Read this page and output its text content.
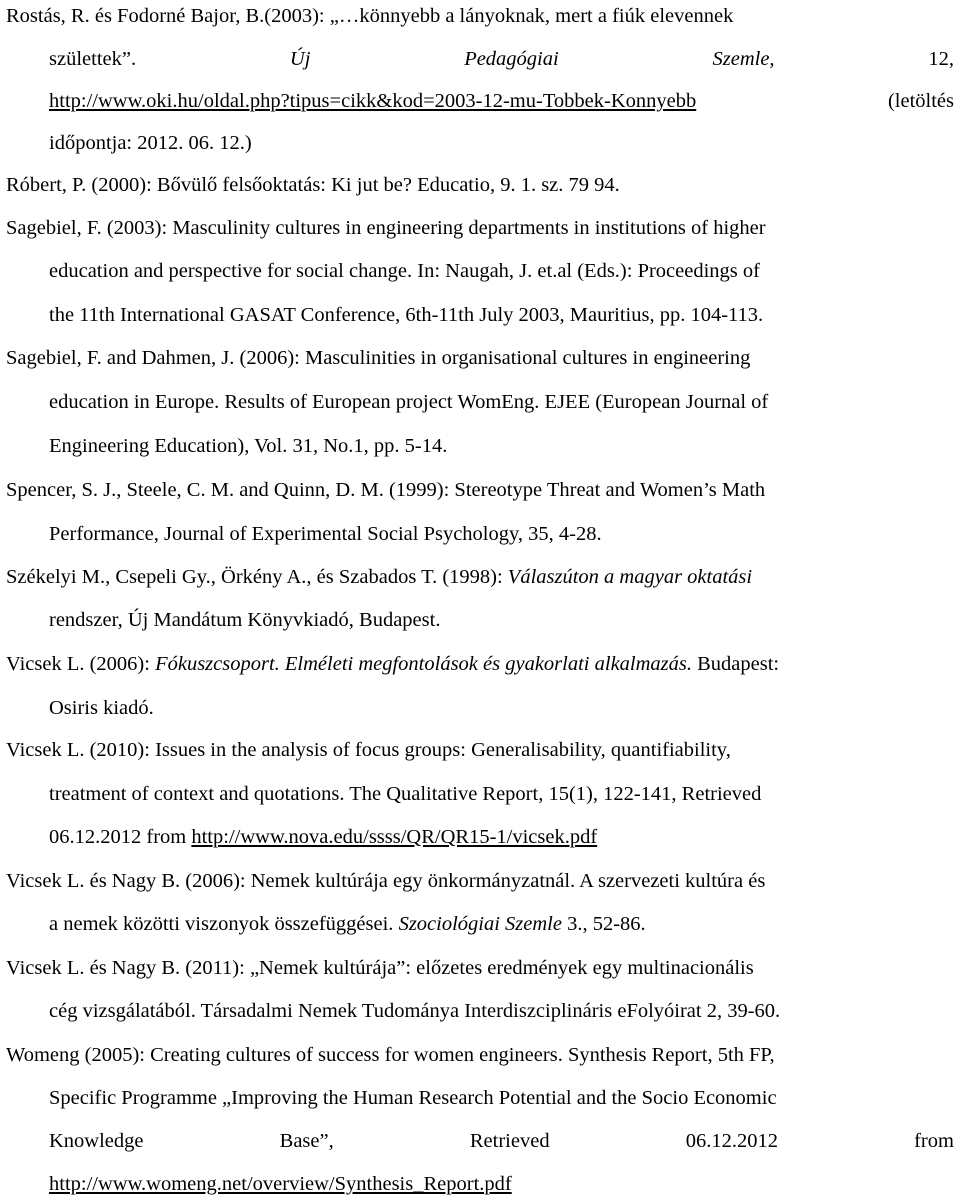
Rostás, R. és Fodorné Bajor, B.(2003): „…könnyebb a lányoknak, mert a fiúk elevennek
születtek”.	Új	Pedagógiai	Szemle,	12,
http://www.oki.hu/oldal.php?tipus=cikk&kod=2003-12-mu-Tobbek-Konnyebb	(letöltés
időpontja: 2012. 06. 12.)
Róbert, P. (2000): Bővülő felsőoktatás: Ki jut be? Educatio, 9. 1. sz. 79 94.
Sagebiel, F. (2003): Masculinity cultures in engineering departments in institutions of higher
education and perspective for social change. In: Naugah, J. et.al (Eds.): Proceedings of
the 11th International GASAT Conference, 6th-11th July 2003, Mauritius, pp. 104-113.
Sagebiel, F. and Dahmen, J. (2006): Masculinities in organisational cultures in engineering
education in Europe. Results of European project WomEng. EJEE (European Journal of
Engineering Education), Vol. 31, No.1, pp. 5-14.
Spencer, S. J., Steele, C. M. and Quinn, D. M. (1999): Stereotype Threat and Women’s Math
Performance, Journal of Experimental Social Psychology, 35, 4-28.
Székelyi M., Csepeli Gy., Örkény A., és Szabados T. (1998): Válaszúton a magyar oktatási
rendszer, Új Mandátum Könyvkiadó, Budapest.
Vicsek L. (2006): Fókuszcsoport. Elméleti megfontolások és gyakorlati alkalmazás. Budapest:
Osiris kiadó.
Vicsek L. (2010): Issues in the analysis of focus groups: Generalisability, quantifiability,
treatment of context and quotations. The Qualitative Report, 15(1), 122-141, Retrieved
06.12.2012 from http://www.nova.edu/ssss/QR/QR15-1/vicsek.pdf
Vicsek L. és Nagy B. (2006): Nemek kultúrája egy önkormányzatnál. A szervezeti kultúra és
a nemek közötti viszonyok összefüggései. Szociológiai Szemle 3., 52-86.
Vicsek L. és Nagy B. (2011): „Nemek kultúrája”: előzetes eredmények egy multinacionális
cég vizsgálatából. Társadalmi Nemek Tudománya Interdiszciplináris eFolyóirat 2, 39-60.
Womeng (2005): Creating cultures of success for women engineers. Synthesis Report, 5th FP,
Specific Programme „Improving the Human Research Potential and the Socio Economic
Knowledge	Base”,	Retrieved	06.12.2012	from
http://www.womeng.net/overview/Synthesis_Report.pdf
